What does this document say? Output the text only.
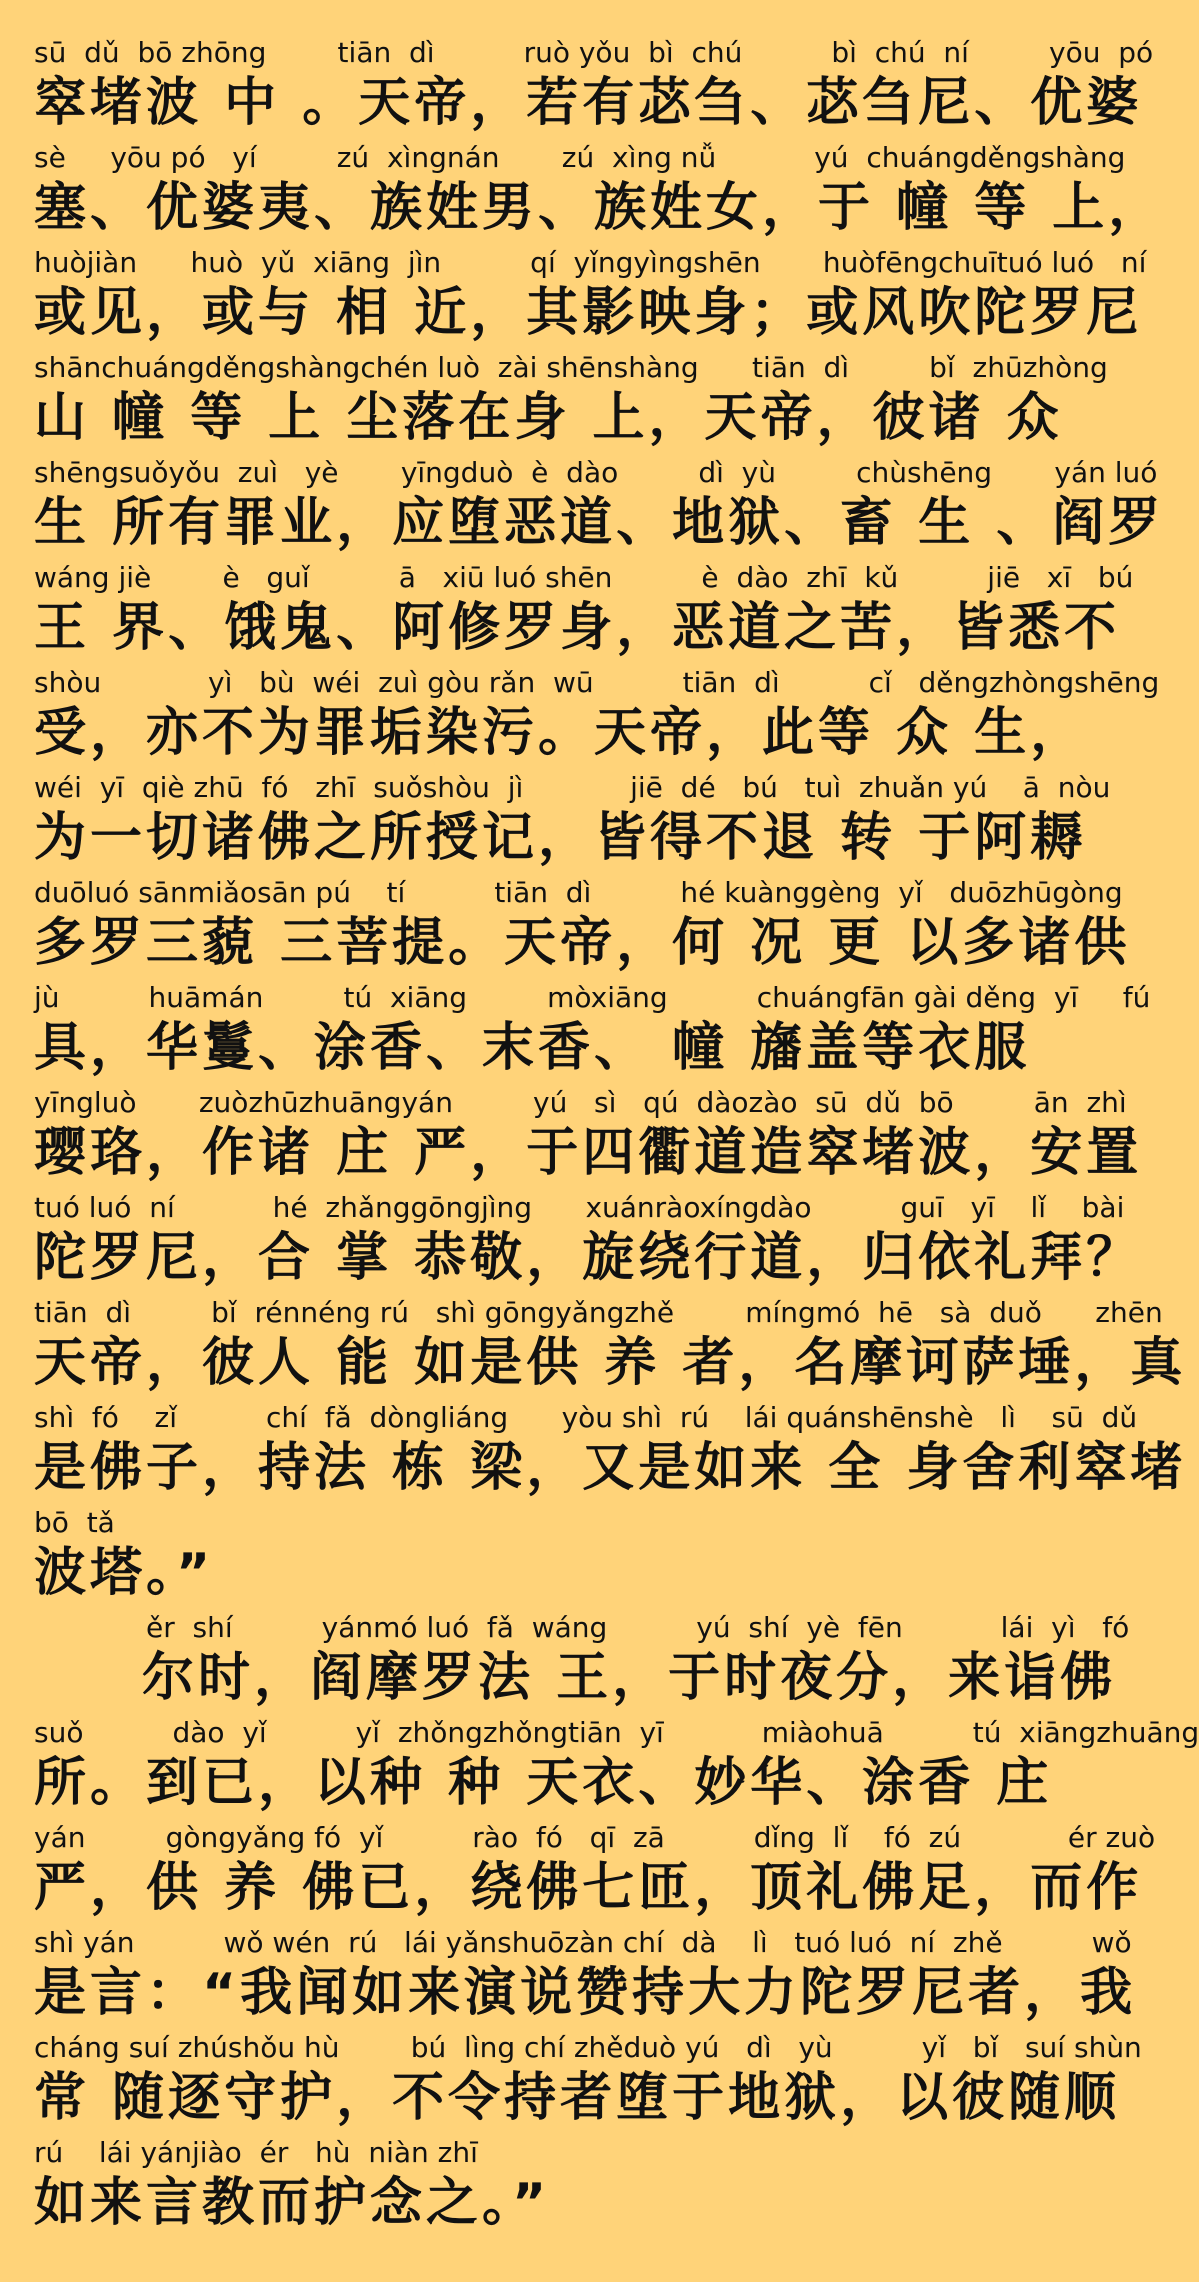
sū  dǔ  bō zhōng        tiān  dì          ruò yǒu  bì  chú          bì  chú  ní         yōu  pó
窣堵波 中 。天帝，若有苾刍、苾刍尼、优婆
sè     yōu pó   yí         zú  xìngnán       zú  xìng nǚ           yú  chuángděngshàng
塞、优婆夷、族姓男、族姓女，于 幢 等 上，
huòjiàn      huò  yǔ  xiāng  jìn          qí  yǐngyìngshēn       huòfēngchuītuó luó   ní
或见，或与 相 近，其影映身；或风吹陀罗尼
shānchuángděngshàngchén luò  zài shēnshàng      tiān  dì         bǐ  zhūzhòng
山 幢 等 上 尘落在身 上，天帝，彼诸 众
shēngsuǒyǒu  zuì   yè       yīngduò  è  dào         dì  yù         chùshēng       yán luó
生 所有罪业，应堕恶道、地狱、畜 生 、阎罗
wáng jiè        è   guǐ          ā   xiū luó shēn          è  dào  zhī  kǔ          jiē   xī   bú
王 界、饿鬼、阿修罗身，恶道之苦，皆悉不
shòu            yì   bù  wéi  zuì gòu rǎn  wū          tiān  dì          cǐ   děngzhòngshēng
受，亦不为罪垢染污。天帝，此等 众 生，
wéi  yī  qiè zhū  fó   zhī  suǒshòu  jì            jiē  dé   bú   tuì  zhuǎn yú    ā  nòu
为一切诸佛之所授记，皆得不退 转 于阿耨
duōluó sānmiǎosān pú    tí          tiān  dì          hé kuànggèng  yǐ   duōzhūgòng
多罗三藐 三菩提。天帝，何 况 更 以多诸供
jù          huāmán         tú  xiāng         mòxiāng          chuángfān gài děng  yī     fú
具，华鬘、涂香、末香、 幢 旛盖等衣服
yīngluò       zuòzhūzhuāngyán         yú   sì   qú  dàozào  sū  dǔ  bō         ān  zhì
璎珞，作诸 庄 严，于四衢道造窣堵波，安置
tuó luó  ní           hé  zhǎnggōngjìng      xuánràoxíngdào          guī   yī    lǐ    bài
陀罗尼，合 掌 恭敬，旋绕行道，归依礼拜？
tiān  dì         bǐ  rénnéng rú   shì gōngyǎngzhě        míngmó  hē   sà  duǒ      zhēn
天帝，彼人 能 如是供 养 者，名摩诃萨埵，真
shì  fó    zǐ          chí  fǎ  dòngliáng      yòu shì  rú    lái quánshēnshè   lì    sū  dǔ
是佛子，持法 栋 梁，又是如来 全 身舍利窣堵
bō  tǎ
波塔。”
ěr  shí          yánmó luó  fǎ  wáng          yú  shí  yè  fēn           lái  yì   fó
尔时，阎摩罗法 王，于时夜分，来诣佛
suǒ          dào  yǐ          yǐ  zhǒngzhǒngtiān  yī           miàohuā          tú  xiāngzhuāng
所。到已，以种 种 天衣、妙华、涂香 庄
yán         gòngyǎng fó  yǐ          rào  fó   qī  zā          dǐng  lǐ    fó  zú            ér zuò
严，供 养 佛已，绕佛七匝，顶礼佛足，而作
shì yán          wǒ wén  rú   lái yǎnshuōzàn chí  dà    lì   tuó luó  ní  zhě          wǒ
是言：“我闻如来演说赞持大力陀罗尼者，我
cháng suí zhúshǒu hù        bú  lìng chí zhěduò yú   dì   yù          yǐ   bǐ   suí shùn
常 随逐守护，不令持者堕于地狱，以彼随顺
rú    lái yánjiào  ér   hù  niàn zhī
如来言教而护念之。”
